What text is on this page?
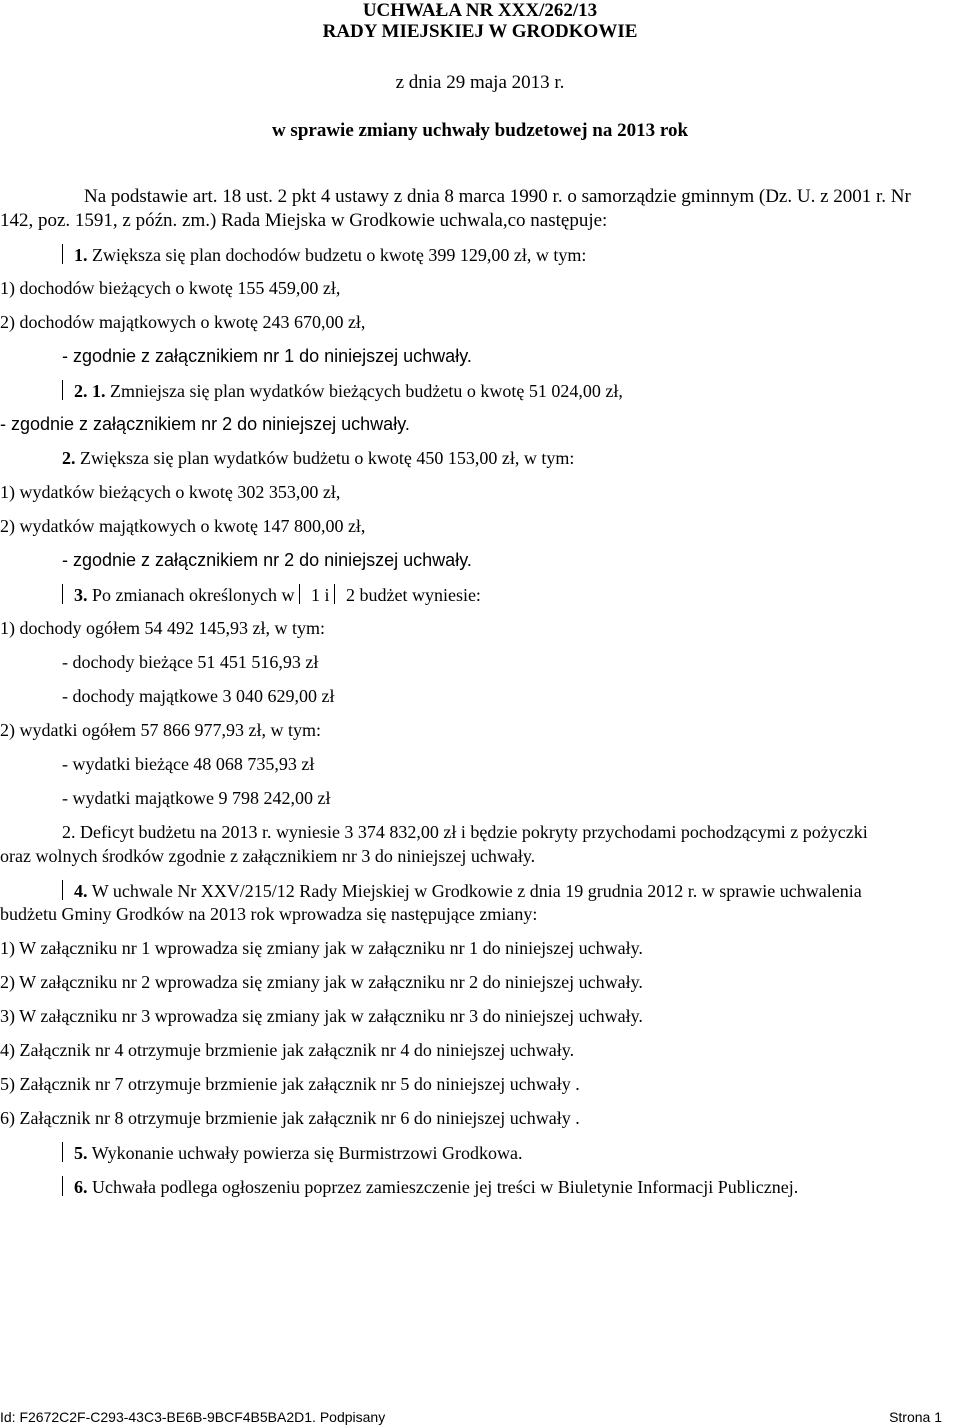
UCHWAŁA NR XXX/262/13
RADY MIEJSKIEJ W GRODKOWIE
z dnia 29 maja 2013 r.
w sprawie zmiany uchwały budzetowej na 2013 rok
Na podstawie art. 18 ust. 2 pkt 4 ustawy z dnia 8 marca 1990 r. o samorządzie gminnym (Dz. U. z 2001 r. Nr
142, poz. 1591, z późn. zm.) Rada Miejska w Grodkowie uchwala,co następuje:
1. Zwiększa się plan dochodów budzetu o kwotę 399 129,00 zł, w tym:
1) dochodów bieżących o kwotę 155 459,00 zł,
2) dochodów majątkowych o kwotę 243 670,00 zł,
- zgodnie z załącznikiem nr 1 do niniejszej uchwały.
2. 1. Zmniejsza się plan wydatków bieżących budżetu o kwotę 51 024,00 zł,
- zgodnie z załącznikiem nr 2 do niniejszej uchwały.
2. Zwiększa się plan wydatków budżetu o kwotę 450 153,00 zł, w tym:
1) wydatków bieżących o kwotę 302 353,00 zł,
2) wydatków majątkowych o kwotę 147 800,00 zł,
- zgodnie z załącznikiem nr 2 do niniejszej uchwały.
3. Po zmianach określonych w 1 i 2 budżet wyniesie:
1) dochody ogółem 54 492 145,93 zł, w tym:
- dochody bieżące 51 451 516,93 zł
- dochody majątkowe 3 040 629,00 zł
2) wydatki ogółem 57 866 977,93 zł, w tym:
- wydatki bieżące 48 068 735,93 zł
- wydatki majątkowe 9 798 242,00 zł
2. Deficyt budżetu na 2013 r. wyniesie 3 374 832,00 zł i będzie pokryty przychodami pochodzącymi z pożyczki
oraz wolnych środków zgodnie z załącznikiem nr 3 do niniejszej uchwały.
4. W uchwale Nr XXV/215/12 Rady Miejskiej w Grodkowie z dnia 19 grudnia 2012 r. w sprawie uchwalenia
budżetu Gminy Grodków na 2013 rok wprowadza się następujące zmiany:
1) W załączniku nr 1 wprowadza się zmiany jak w załączniku nr 1 do niniejszej uchwały.
2) W załączniku nr 2 wprowadza się zmiany jak w załączniku nr 2 do niniejszej uchwały.
3) W załączniku nr 3 wprowadza się zmiany jak w załączniku nr 3 do niniejszej uchwały.
4) Załącznik nr 4 otrzymuje brzmienie jak załącznik nr 4 do niniejszej uchwały.
5) Załącznik nr 7 otrzymuje brzmienie jak załącznik nr 5 do niniejszej uchwały .
6) Załącznik nr 8 otrzymuje brzmienie jak załącznik nr 6 do niniejszej uchwały .
5. Wykonanie uchwały powierza się Burmistrzowi Grodkowa.
6. Uchwała podlega ogłoszeniu poprzez zamieszczenie jej treści w Biuletynie Informacji Publicznej.
Id: F2672C2F-C293-43C3-BE6B-9BCF4B5BA2D1. Podpisany	Strona 1
